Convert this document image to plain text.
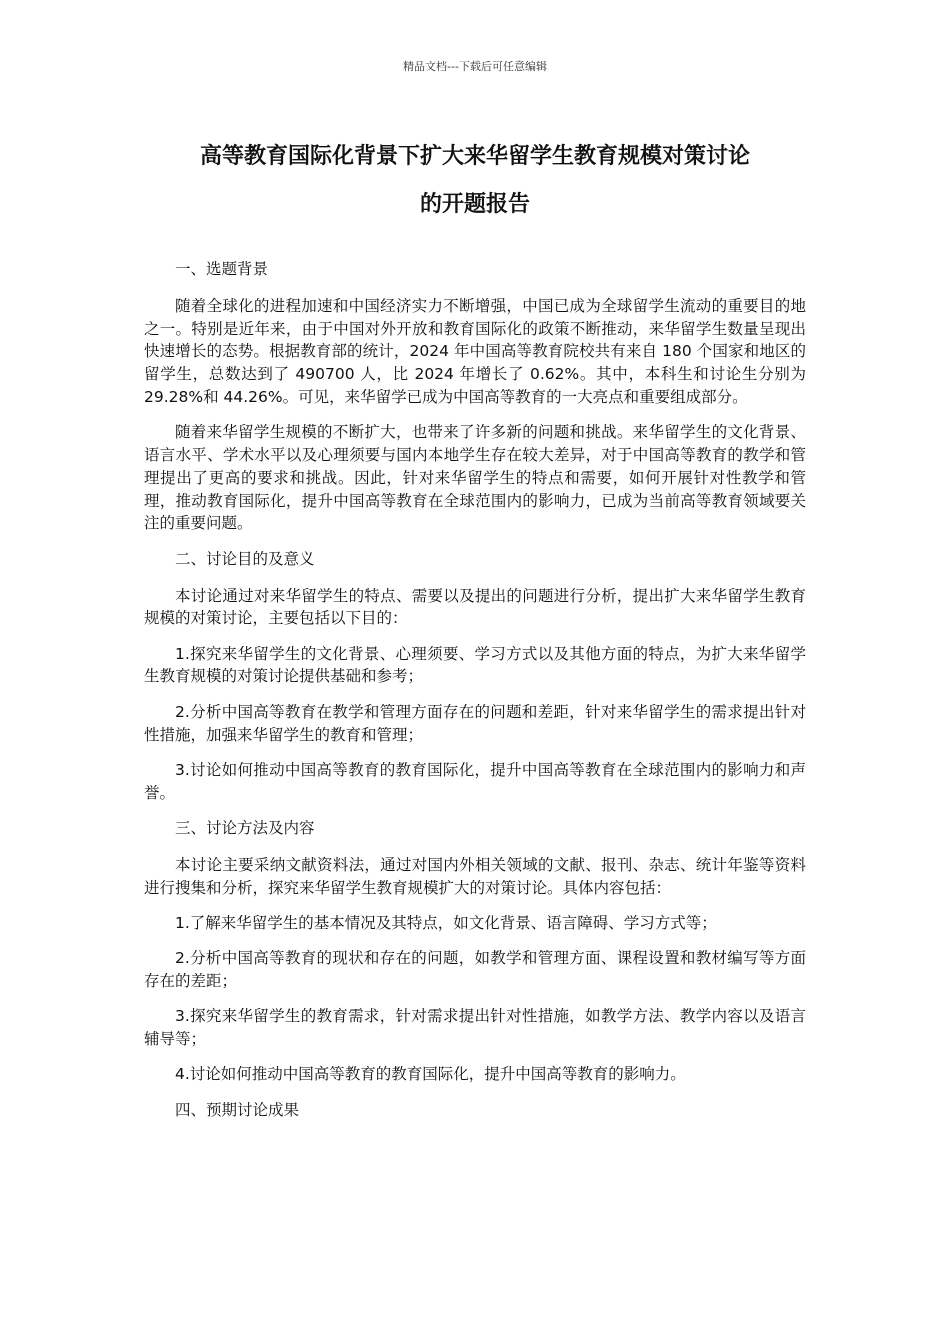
精品文档---下载后可任意编辑
高等教育国际化背景下扩大来华留学生教育规模对策讨论
的开题报告

一、选题背景

随着全球化的进程加速和中国经济实力不断增强，中国已成为全球留学生流动的重要目的地之一。特别是近年来，由于中国对外开放和教育国际化的政策不断推动，来华留学生数量呈现出快速增长的态势。根据教育部的统计，2024 年中国高等教育院校共有来自 180 个国家和地区的留学生，总数达到了 490700 人，比 2024 年增长了 0.62%。其中，本科生和讨论生分别为 29.28%和 44.26%。可见，来华留学已成为中国高等教育的一大亮点和重要组成部分。

随着来华留学生规模的不断扩大，也带来了许多新的问题和挑战。来华留学生的文化背景、语言水平、学术水平以及心理须要与国内本地学生存在较大差异，对于中国高等教育的教学和管理提出了更高的要求和挑战。因此，针对来华留学生的特点和需要，如何开展针对性教学和管理，推动教育国际化，提升中国高等教育在全球范围内的影响力，已成为当前高等教育领域要关注的重要问题。

二、讨论目的及意义

本讨论通过对来华留学生的特点、需要以及提出的问题进行分析，提出扩大来华留学生教育规模的对策讨论，主要包括以下目的：

1.探究来华留学生的文化背景、心理须要、学习方式以及其他方面的特点，为扩大来华留学生教育规模的对策讨论提供基础和参考；

2.分析中国高等教育在教学和管理方面存在的问题和差距，针对来华留学生的需求提出针对性措施，加强来华留学生的教育和管理；

3.讨论如何推动中国高等教育的教育国际化，提升中国高等教育在全球范围内的影响力和声誉。

三、讨论方法及内容

本讨论主要采纳文献资料法，通过对国内外相关领域的文献、报刊、杂志、统计年鉴等资料进行搜集和分析，探究来华留学生教育规模扩大的对策讨论。具体内容包括：

1.了解来华留学生的基本情况及其特点，如文化背景、语言障碍、学习方式等；

2.分析中国高等教育的现状和存在的问题，如教学和管理方面、课程设置和教材编写等方面存在的差距；

3.探究来华留学生的教育需求，针对需求提出针对性措施，如教学方法、教学内容以及语言辅导等；

4.讨论如何推动中国高等教育的教育国际化，提升中国高等教育的影响力。

四、预期讨论成果
